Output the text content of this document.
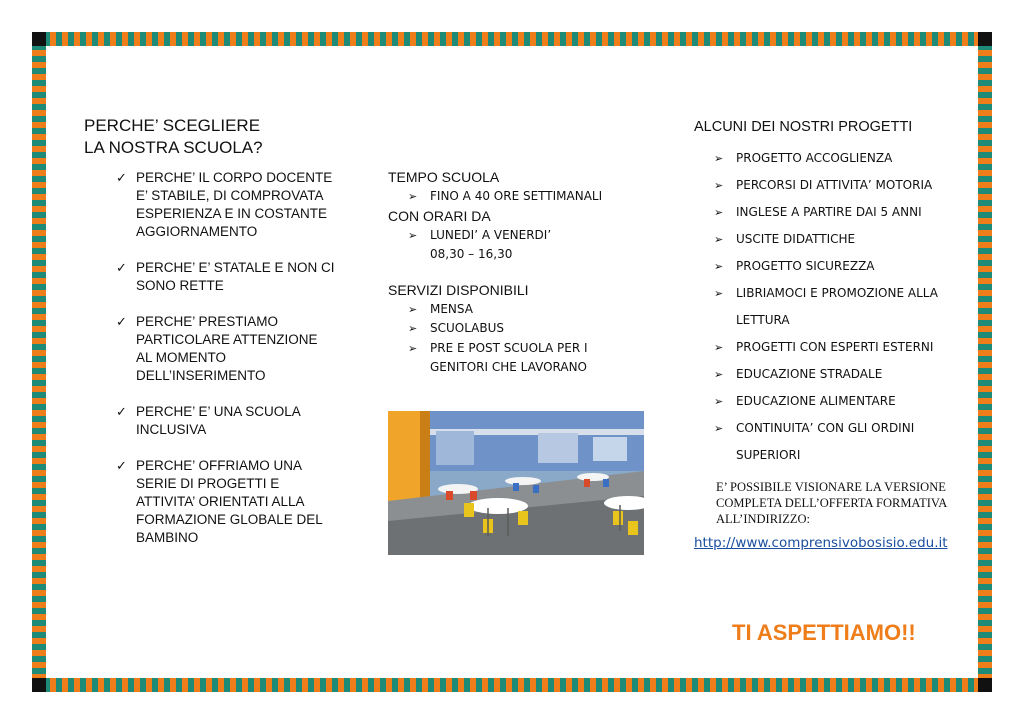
PERCHE’ SCEGLIERE
LA NOSTRA SCUOLA?
✓ PERCHE’ IL CORPO DOCENTE E’ STABILE, DI COMPROVATA ESPERIENZA E IN COSTANTE AGGIORNAMENTO
✓ PERCHE’ E’ STATALE E NON CI SONO RETTE
✓ PERCHE’ PRESTIAMO PARTICOLARE ATTENZIONE AL MOMENTO DELL’INSERIMENTO
✓ PERCHE’ E’ UNA SCUOLA INCLUSIVA
✓ PERCHE’ OFFRIAMO UNA SERIE DI PROGETTI E ATTIVITA’ ORIENTATI ALLA FORMAZIONE GLOBALE DEL BAMBINO
TEMPO SCUOLA
➢ FINO A 40 ORE SETTIMANALI
CON ORARI DA
➢ LUNEDI’ A VENERDI’
08,30 – 16,30
SERVIZI DISPONIBILI
➢ MENSA
➢ SCUOLABUS
➢ PRE E POST SCUOLA PER I GENITORI CHE LAVORANO
ALCUNI DEI NOSTRI PROGETTI
➢ PROGETTO ACCOGLIENZA
➢ PERCORSI DI ATTIVITA’ MOTORIA
➢ INGLESE A PARTIRE DAI 5 ANNI
➢ USCITE DIDATTICHE
➢ PROGETTO SICUREZZA
➢ LIBRIAMOCI E PROMOZIONE ALLA LETTURA
➢ PROGETTI CON ESPERTI ESTERNI
➢ EDUCAZIONE STRADALE
➢ EDUCAZIONE ALIMENTARE
➢ CONTINUITA’ CON GLI ORDINI SUPERIORI

E’ POSSIBILE VISIONARE LA VERSIONE COMPLETA DELL’OFFERTA FORMATIVA ALL’INDIRIZZO:

http://www.comprensivobosisio.edu.it
TI ASPETTIAMO!!
